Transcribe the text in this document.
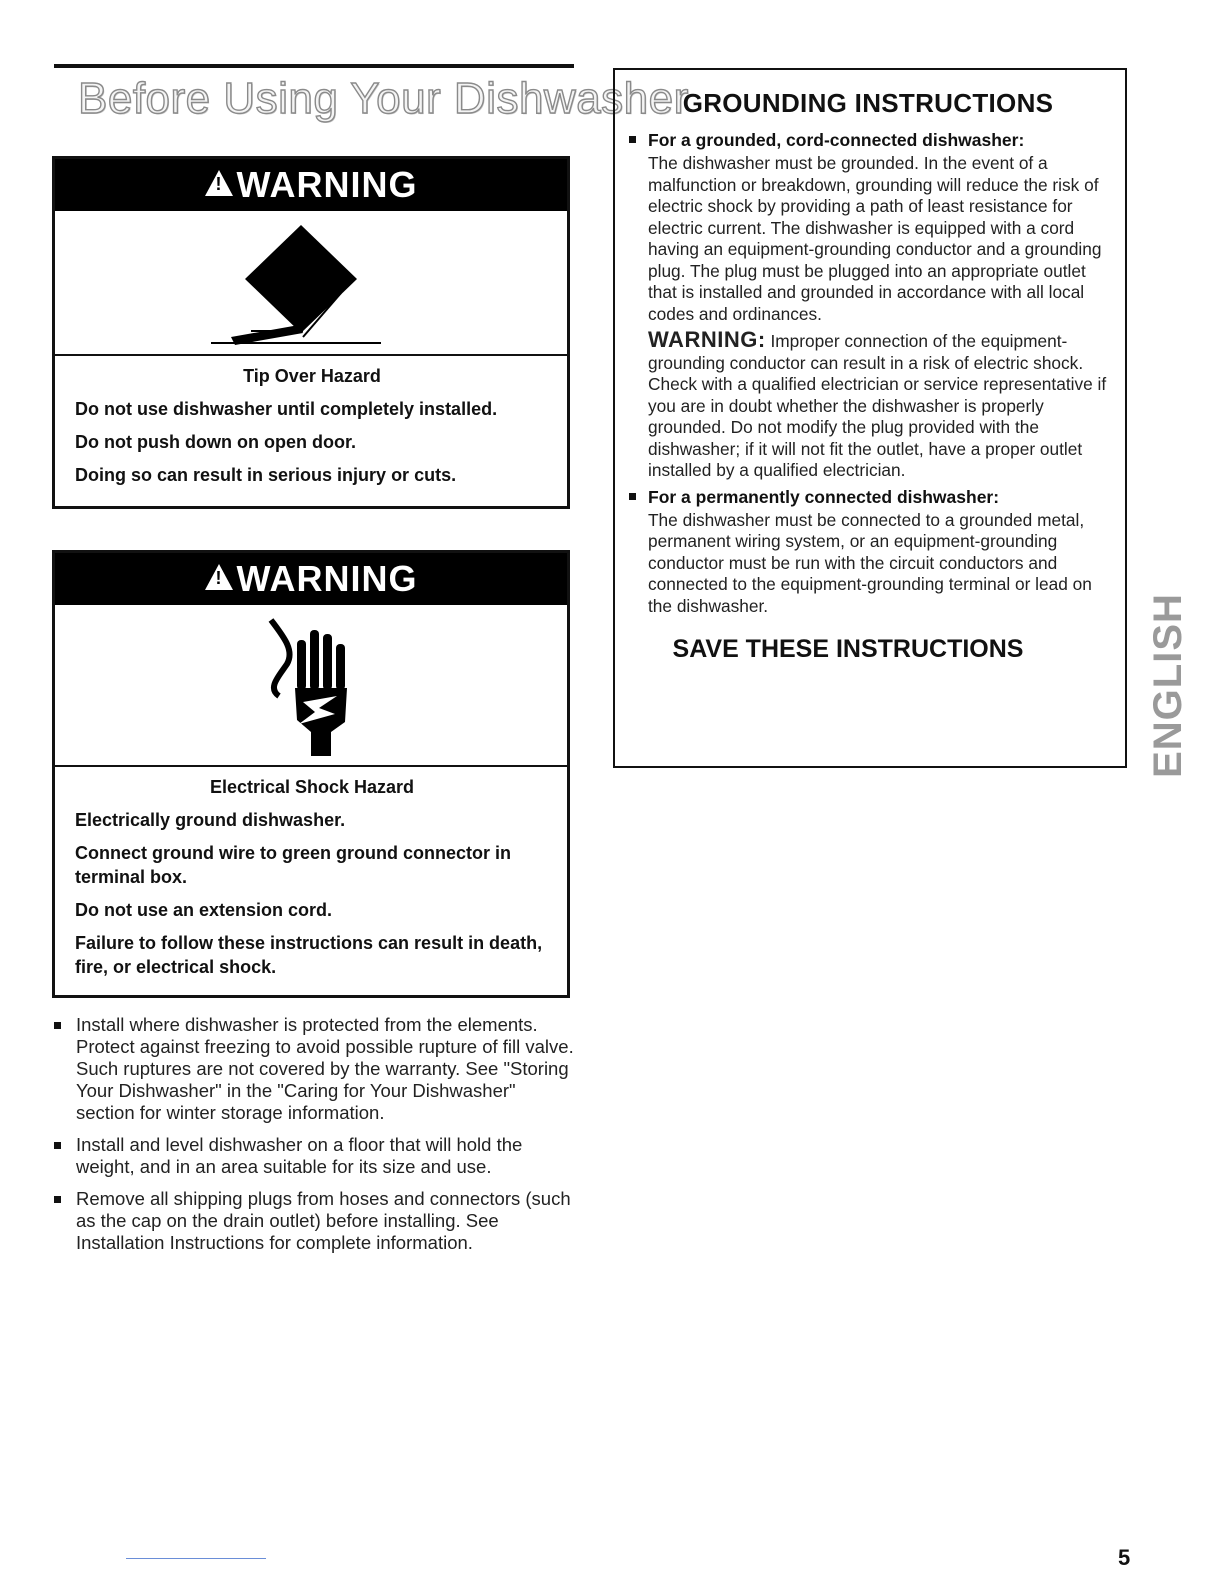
Before Using Your Dishwasher
!
WARNING
Tip Over Hazard

Do not use dishwasher until completely installed.

Do not push down on open door.

Doing so can result in serious injury or cuts.

!
WARNING
Electrical Shock Hazard

Electrically ground dishwasher.

Connect ground wire to green ground connector in terminal box.

Do not use an extension cord.

Failure to follow these instructions can result in death, fire, or electrical shock.

Install where dishwasher is protected from the elements. Protect against freezing to avoid possible rupture of fill valve. Such ruptures are not covered by the warranty. See "Storing Your Dishwasher" in the "Caring for Your Dishwasher" section for winter storage information.
Install and level dishwasher on a floor that will hold the weight, and in an area suitable for its size and use.
Remove all shipping plugs from hoses and connectors (such as the cap on the drain outlet) before installing. See Installation Instructions for complete information.
GROUNDING INSTRUCTIONS
For a grounded, cord-connected dishwasher:
The dishwasher must be grounded. In the event of a malfunction or breakdown, grounding will reduce the risk of electric shock by providing a path of least resistance for electric current. The dishwasher is equipped with a cord having an equipment-grounding conductor and a grounding plug. The plug must be plugged into an appropriate outlet that is installed and grounded in accordance with all local codes and ordinances.
WARNING: Improper connection of the equipment-grounding conductor can result in a risk of electric shock. Check with a qualified electrician or service representative if you are in doubt whether the dishwasher is properly grounded. Do not modify the plug provided with the dishwasher; if it will not fit the outlet, have a proper outlet installed by a qualified electrician.
For a permanently connected dishwasher:
The dishwasher must be connected to a grounded metal, permanent wiring system, or an equipment-grounding conductor must be run with the circuit conductors and connected to the equipment-grounding terminal or lead on the dishwasher.
SAVE THESE INSTRUCTIONS	ENGLISH
5
